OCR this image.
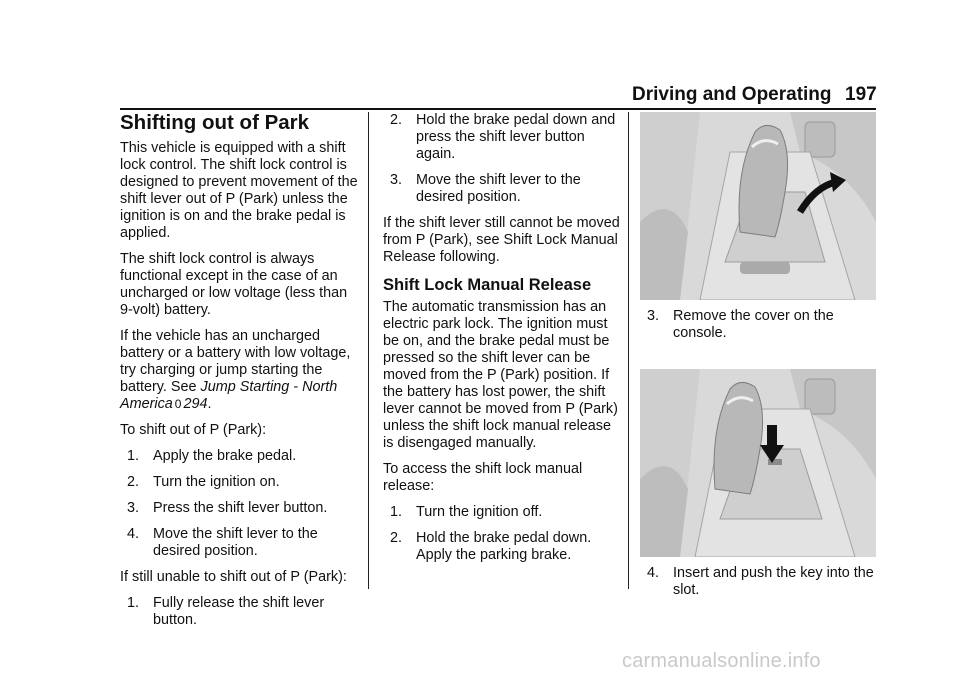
Driving and Operating 197
Shifting out of Park

This vehicle is equipped with a shift lock control. The shift lock control is designed to prevent movement of the shift lever out of P (Park) unless the ignition is on and the brake pedal is applied.

The shift lock control is always functional except in the case of an uncharged or low voltage (less than 9-volt) battery.

If the vehicle has an uncharged battery or a battery with low voltage, try charging or jump starting the battery. See Jump Starting - North America 0 294.

To shift out of P (Park):

1. Apply the brake pedal.
2. Turn the ignition on.
3. Press the shift lever button.
4. Move the shift lever to the desired position.

If still unable to shift out of P (Park):

1. Fully release the shift lever button.
2. Hold the brake pedal down and press the shift lever button again.
3. Move the shift lever to the desired position.

If the shift lever still cannot be moved from P (Park), see Shift Lock Manual Release following.

Shift Lock Manual Release

The automatic transmission has an electric park lock. The ignition must be on, and the brake pedal must be pressed so the shift lever can be moved from the P (Park) position. If the battery has lost power, the shift lever cannot be moved from P (Park) unless the shift lock manual release is disengaged manually.

To access the shift lock manual release:

1. Turn the ignition off.
2. Hold the brake pedal down. Apply the parking brake.
3. Remove the cover on the console.
4. Insert and push the key into the slot.
carmanualsonline.info
